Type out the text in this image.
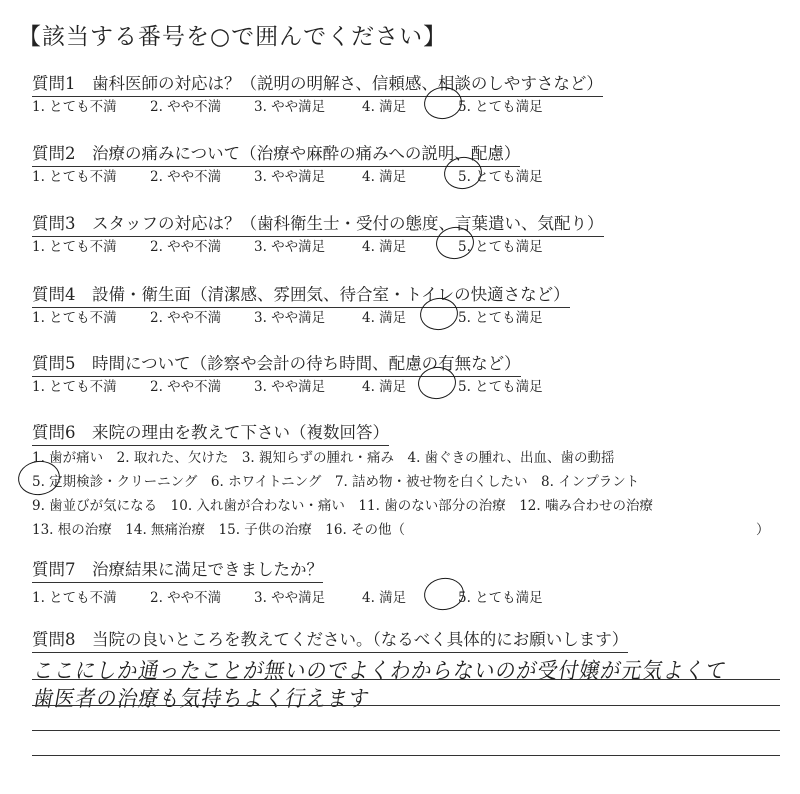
【該当する番号を○で囲んでください】
質問1　歯科医師の対応は？（説明の明解さ、信頼感、相談のしやすさなど）
1. とても不満 2. やや不満 3. やや満足	4. 満足	5. とても満足
質問2　治療の痛みについて（治療や麻酔の痛みへの説明、配慮）
1. とても不満 2. やや不満 3. やや満足	4. 満足	5. とても満足
質問3　スタッフの対応は？（歯科衛生士・受付の態度、言葉遣い、気配り）
1. とても不満 2. やや不満 3. やや満足	4. 満足	5. とても満足
質問4　設備・衛生面（清潔感、雰囲気、待合室・トイレの快適さなど）
1. とても不満 2. やや不満 3. やや満足	4. 満足	5. とても満足
質問5　時間について（診察や会計の待ち時間、配慮の有無など）
1. とても不満 2. やや不満 3. やや満足	4. 満足	5. とても満足
質問6　来院の理由を教えて下さい（複数回答）
1. 歯が痛い　2. 取れた、欠けた　3. 親知らずの腫れ・痛み　4. 歯ぐきの腫れ、出血、歯の動揺
5. 定期検診・クリーニング　6. ホワイトニング　7. 詰め物・被せ物を白くしたい　8. インプラント
9. 歯並びが気になる　10. 入れ歯が合わない・痛い　11. 歯のない部分の治療　12. 噛み合わせの治療
13. 根の治療　14. 無痛治療　15. 子供の治療　16. その他（	）
質問7　治療結果に満足できましたか？
1. とても不満 2. やや不満 3. やや満足	4. 満足	5. とても満足
質問8　当院の良いところを教えてください。（なるべく具体的にお願いします）
ここにしか通ったことが無いのでよくわからないのが受付嬢が元気よくて
歯医者の治療も気持ちよく行えます
